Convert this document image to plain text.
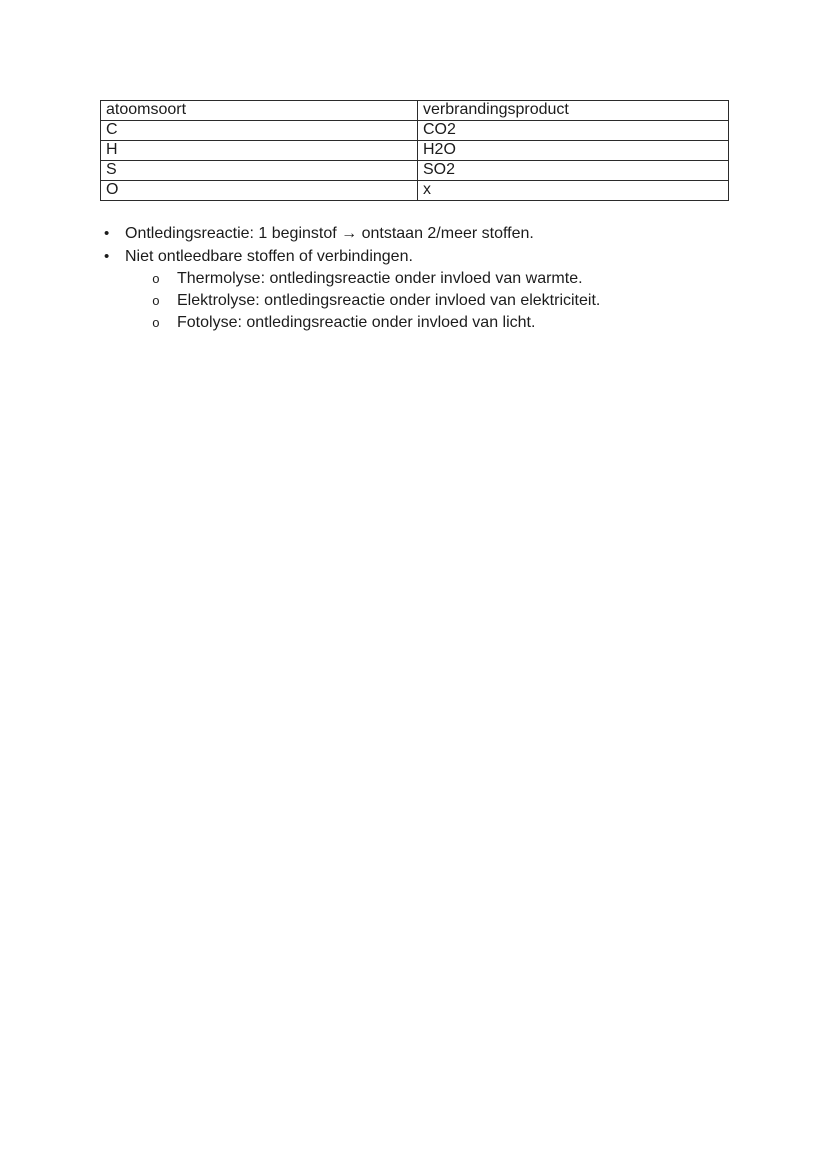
atoomsoort	verbrandingsproduct
C	CO2
H	H2O
S	SO2
O	x
• Ontledingsreactie: 1 beginstof → ontstaan 2/meer stoffen.
• Niet ontleedbare stoffen of verbindingen.
o	Thermolyse: ontledingsreactie onder invloed van warmte.
o	Elektrolyse: ontledingsreactie onder invloed van elektriciteit.
o	Fotolyse: ontledingsreactie onder invloed van licht.
